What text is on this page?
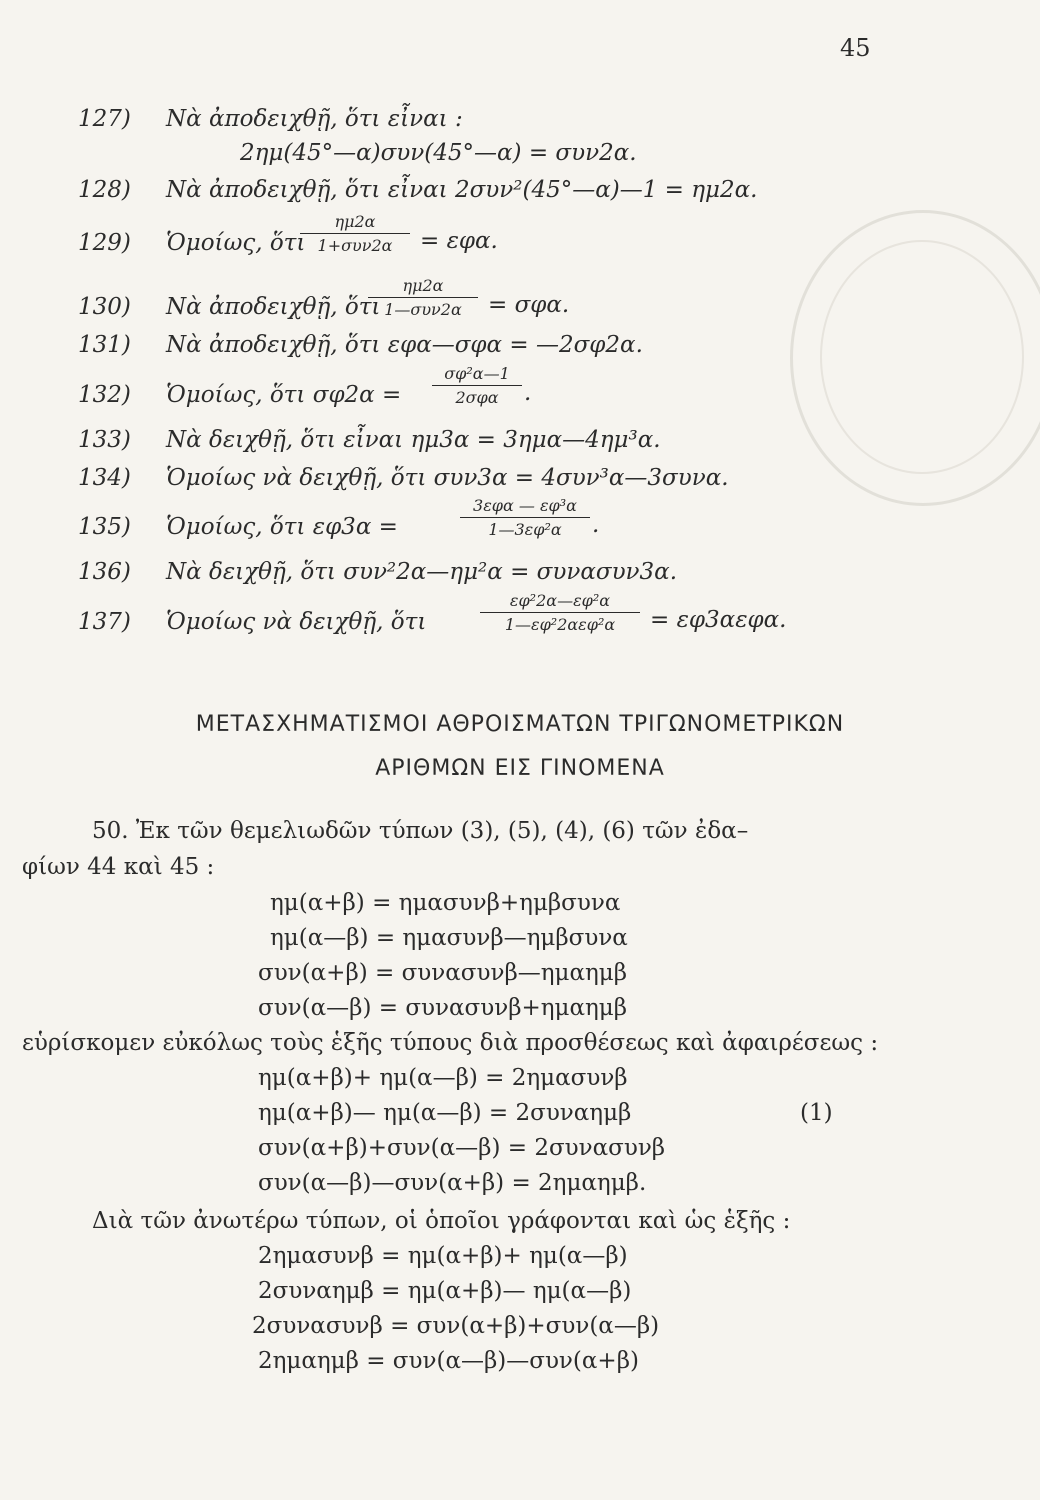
45
127) Νὰ ἀποδειχθῇ, ὅτι εἶναι :
2ημ(45°—α)συν(45°—α) = συν2α.
128) Νὰ ἀποδειχθῇ, ὅτι εἶναι 2συν²(45°—α)—1 = ημ2α.
129) Ὁμοίως, ὅτι
ημ2α
1+συν2α	= εφα.
130) Νὰ ἀποδειχθῇ, ὅτι
ημ2α
1—συν2α	= σφα.
131) Νὰ ἀποδειχθῇ, ὅτι εφα—σφα = —2σφ2α.
132) Ὁμοίως, ὅτι σφ2α =
σφ²α—1
2σφα	.
133) Νὰ δειχθῇ, ὅτι εἶναι ημ3α = 3ημα—4ημ³α.
134) Ὁμοίως νὰ δειχθῇ, ὅτι συν3α = 4συν³α—3συνα.
135) Ὁμοίως, ὅτι εφ3α =
3εφα — εφ³α
1—3εφ²α	.
136) Νὰ δειχθῇ, ὅτι συν²2α—ημ²α = συνασυν3α.
137) Ὁμοίως νὰ δειχθῇ, ὅτι
εφ²2α—εφ²α
1—εφ²2αεφ²α	= εφ3αεφα.
ΜΕΤΑΣΧΗΜΑΤΙΣΜΟΙ ΑΘΡΟΙΣΜΑΤΩΝ ΤΡΙΓΩΝΟΜΕΤΡΙΚΩΝ
ΑΡΙΘΜΩΝ ΕΙΣ ΓΙΝΟΜΕΝΑ
50. Ἐκ τῶν θεμελιωδῶν τύπων (3), (5), (4), (6) τῶν ἐδα–
φίων 44 καὶ 45 :
ημ(α+β) = ημασυνβ+ημβσυνα
ημ(α—β) = ημασυνβ—ημβσυνα
συν(α+β) = συνασυνβ—ημαημβ
συν(α—β) = συνασυνβ+ημαημβ
εὑρίσκομεν εὐκόλως τοὺς ἑξῆς τύπους διὰ προσθέσεως καὶ ἀφαιρέσεως :
ημ(α+β)+ ημ(α—β) = 2ημασυνβ
ημ(α+β)— ημ(α—β) = 2συναημβ	(1)
συν(α+β)+συν(α—β) = 2συνασυνβ
συν(α—β)—συν(α+β) = 2ημαημβ.
Διὰ τῶν ἀνωτέρω τύπων, οἱ ὁποῖοι γράφονται καὶ ὡς ἑξῆς :
2ημασυνβ = ημ(α+β)+ ημ(α—β)
2συναημβ = ημ(α+β)— ημ(α—β)
2συνασυνβ = συν(α+β)+συν(α—β)
2ημαημβ = συν(α—β)—συν(α+β)
